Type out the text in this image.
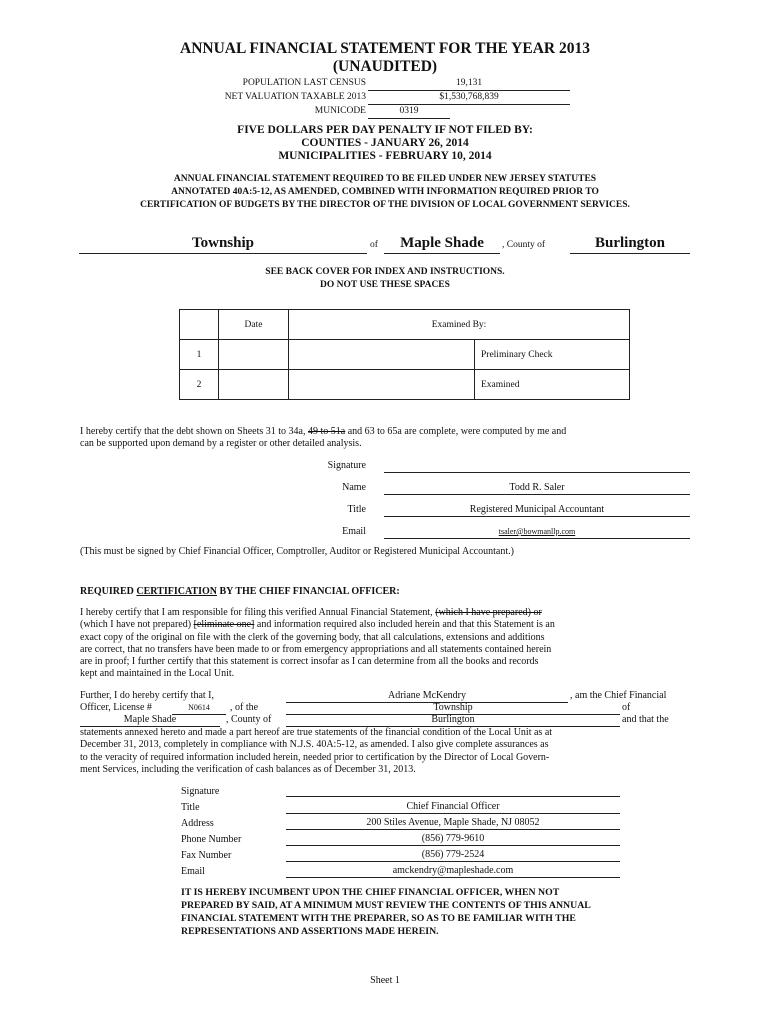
ANNUAL FINANCIAL STATEMENT FOR THE YEAR 2013
(UNAUDITED)
POPULATION LAST CENSUS	19,131
NET VALUATION TAXABLE 2013	$1,530,768,839
MUNICODE	0319
FIVE DOLLARS PER DAY PENALTY IF NOT FILED BY:
COUNTIES - JANUARY 26, 2014
MUNICIPALITIES - FEBRUARY 10, 2014
ANNUAL FINANCIAL STATEMENT REQUIRED TO BE FILED UNDER NEW JERSEY STATUTES
ANNOTATED 40A:5-12, AS AMENDED, COMBINED WITH INFORMATION REQUIRED PRIOR TO
CERTIFICATION OF BUDGETS BY THE DIRECTOR OF THE DIVISION OF LOCAL GOVERNMENT SERVICES.
Township	of	Maple Shade	, County of	Burlington
SEE BACK COVER FOR INDEX AND INSTRUCTIONS.
DO NOT USE THESE SPACES
	Date	Examined By:	
1			Preliminary Check
2			Examined
I hereby certify that the debt shown on Sheets 31 to 34a, 49 to 51a and 63 to 65a are complete, were computed by me and
can be supported upon demand by a register or other detailed analysis.
Signature
Name	Todd R. Saler
Title	Registered Municipal Accountant
Email	tsaler@bowmanllp.com
(This must be signed by Chief Financial Officer, Comptroller, Auditor or Registered Municipal Accountant.)
REQUIRED CERTIFICATION BY THE CHIEF FINANCIAL OFFICER:
I hereby certify that I am responsible for filing this verified Annual Financial Statement, (which I have prepared) or
(which I have not prepared) [eliminate one] and information required also included herein and that this Statement is an
exact copy of the original on file with the clerk of the governing body, that all calculations, extensions and additions
are correct, that no transfers have been made to or from emergency appropriations and all statements contained herein
are in proof; I further certify that this statement is correct insofar as I can determine from all the books and records
kept and maintained in the Local Unit.
Further, I do hereby certify that I,	Adriane McKendry	, am the Chief Financial
Officer, License #	N0614	, of the	Township	of
Maple Shade	, County of	Burlington	and that the
statements annexed hereto and made a part hereof are true statements of the financial condition of the Local Unit as at
December 31, 2013, completely in compliance with N.J.S. 40A:5-12, as amended. I also give complete assurances as
to the veracity of required information included herein, needed prior to certification by the Director of Local Govern-
ment Services, including the verification of cash balances as of December 31, 2013.
Signature
Title	Chief Financial Officer
Address	200 Stiles Avenue, Maple Shade, NJ 08052
Phone Number	(856) 779-9610
Fax Number	(856) 779-2524
Email	amckendry@mapleshade.com
IT IS HEREBY INCUMBENT UPON THE CHIEF FINANCIAL OFFICER, WHEN NOT
PREPARED BY SAID, AT A MINIMUM MUST REVIEW THE CONTENTS OF THIS ANNUAL
FINANCIAL STATEMENT WITH THE PREPARER, SO AS TO BE FAMILIAR WITH THE
REPRESENTATIONS AND ASSERTIONS MADE HEREIN.
Sheet 1
